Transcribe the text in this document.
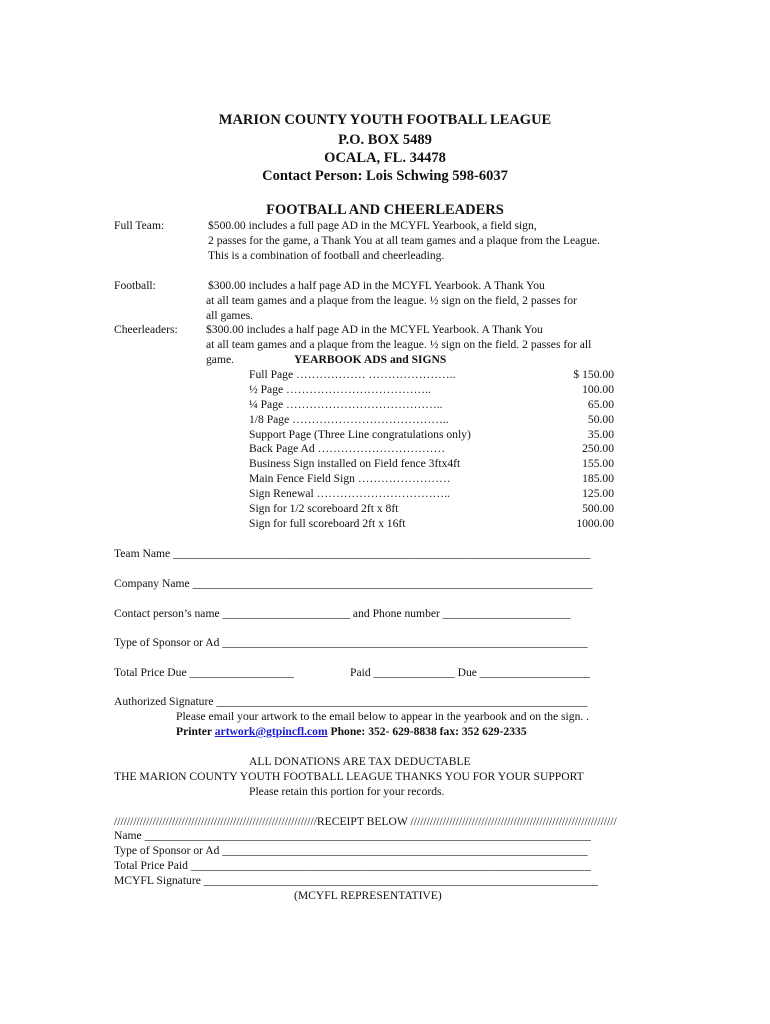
MARION COUNTY YOUTH FOOTBALL LEAGUE
P.O. BOX 5489
OCALA, FL. 34478
Contact Person: Lois Schwing 598-6037
FOOTBALL AND CHEERLEADERS
Full Team:	$500.00 includes a full page AD in the MCYFL Yearbook, a field sign,
2 passes for the game, a Thank You at all team games and a plaque from the League.
This is a combination of football and cheerleading.
Football:	$300.00 includes a half page AD in the MCYFL Yearbook. A Thank You
at all team games and a plaque from the league. ½ sign on the field, 2 passes for
all games.
Cheerleaders: $300.00 includes a half page AD in the MCYFL Yearbook. A Thank You
at all team games and a plaque from the league. ½ sign on the field. 2 passes for all
game.	YEARBOOK ADS and SIGNS
Full Page ……………… …………………..	$ 150.00
½ Page ………………………………..	100.00
¼ Page …………………………………..	65.00
1/8 Page …………………………………..	50.00
Support Page (Three Line congratulations only)	35.00
Back Page Ad ……………………………	250.00
Business Sign installed on Field fence 3ftx4ft	155.00
Main Fence Field Sign ……………………	185.00
Sign Renewal ……………………………..	125.00
Sign for 1/2 scoreboard 2ft x 8ft	500.00
Sign for full scoreboard 2ft x 16ft	1000.00
Team Name ________________________________________________________________________
Company Name _____________________________________________________________________
Contact person’s name ______________________ and Phone number ______________________
Type of Sponsor or Ad _______________________________________________________________
Total Price Due __________________	Paid ______________ Due ___________________
Authorized Signature ________________________________________________________________
Please email your artwork to the email below to appear in the yearbook and on the sign. .
Printer artwork@gtpincfl.com Phone: 352- 629-8838 fax: 352 629-2335
ALL DONATIONS ARE TAX DEDUCTABLE
THE MARION COUNTY YOUTH FOOTBALL LEAGUE THANKS YOU FOR YOUR SUPPORT
Please retain this portion for your records.
///////////////////////////////////////////////////////////////RECEIPT BELOW ////////////////////////////////////////////////////////////////
Name _____________________________________________________________________________
Type of Sponsor or Ad _______________________________________________________________
Total Price Paid _____________________________________________________________________
MCYFL Signature ____________________________________________________________________
(MCYFL REPRESENTATIVE)
